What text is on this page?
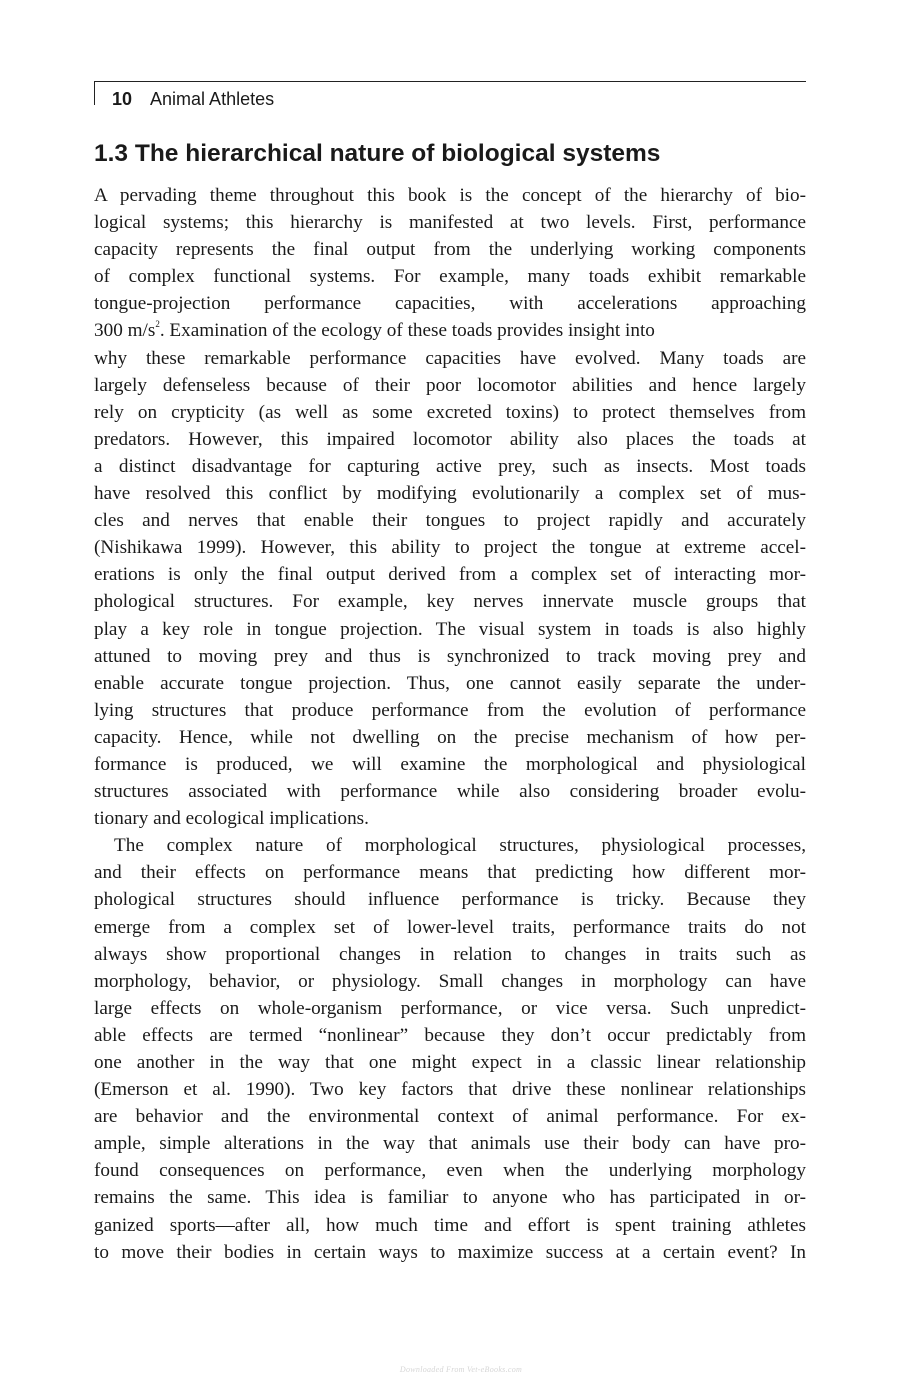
10 Animal Athletes
1.3 The hierarchical nature of biological systems
A pervading theme throughout this book is the concept of the hierarchy of bio-
logical systems; this hierarchy is manifested at two levels. First, performance
capacity represents the final output from the underlying working components
of complex functional systems. For example, many toads exhibit remarkable
tongue-projection performance capacities, with accelerations approaching
300 $m/s^2$. Examination of the ecology of these toads provides insight into
why these remarkable performance capacities have evolved. Many toads are
largely defenseless because of their poor locomotor abilities and hence largely
rely on crypticity (as well as some excreted toxins) to protect themselves from
predators. However, this impaired locomotor ability also places the toads at
a distinct disadvantage for capturing active prey, such as insects. Most toads
have resolved this conflict by modifying evolutionarily a complex set of mus-
cles and nerves that enable their tongues to project rapidly and accurately
(Nishikawa 1999). However, this ability to project the tongue at extreme accel-
erations is only the final output derived from a complex set of interacting mor-
phological structures. For example, key nerves innervate muscle groups that
play a key role in tongue projection. The visual system in toads is also highly
attuned to moving prey and thus is synchronized to track moving prey and
enable accurate tongue projection. Thus, one cannot easily separate the under-
lying structures that produce performance from the evolution of performance
capacity. Hence, while not dwelling on the precise mechanism of how per-
formance is produced, we will examine the morphological and physiological
structures associated with performance while also considering broader evolu-
tionary and ecological implications.
The complex nature of morphological structures, physiological processes,
and their effects on performance means that predicting how different mor-
phological structures should influence performance is tricky. Because they
emerge from a complex set of lower-level traits, performance traits do not
always show proportional changes in relation to changes in traits such as
morphology, behavior, or physiology. Small changes in morphology can have
large effects on whole-organism performance, or vice versa. Such unpredict-
able effects are termed “nonlinear” because they don’t occur predictably from
one another in the way that one might expect in a classic linear relationship
(Emerson et al. 1990). Two key factors that drive these nonlinear relationships
are behavior and the environmental context of animal performance. For ex-
ample, simple alterations in the way that animals use their body can have pro-
found consequences on performance, even when the underlying morphology
remains the same. This idea is familiar to anyone who has participated in or-
ganized sports—after all, how much time and effort is spent training athletes
to move their bodies in certain ways to maximize success at a certain event? In
Downloaded From Vet-eBooks.com
